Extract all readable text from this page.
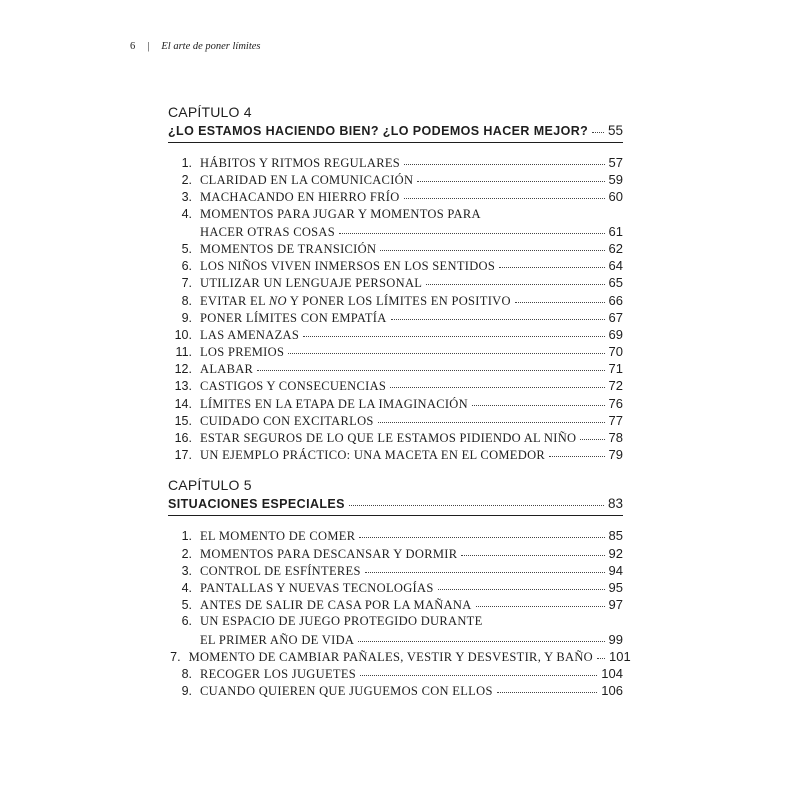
6 | El arte de poner límites
CAPÍTULO 4
¿LO ESTAMOS HACIENDO BIEN? ¿LO PODEMOS HACER MEJOR? 55
1. HÁBITOS Y RITMOS REGULARES	57
2. CLARIDAD EN LA COMUNICACIÓN	59
3. MACHACANDO EN HIERRO FRÍO	60
4. MOMENTOS PARA JUGAR Y MOMENTOS PARA
HACER OTRAS COSAS	61
5. MOMENTOS DE TRANSICIÓN	62
6. LOS NIÑOS VIVEN INMERSOS EN LOS SENTIDOS	64
7. UTILIZAR UN LENGUAJE PERSONAL	65
8. EVITAR EL NO Y PONER LOS LÍMITES EN POSITIVO	66
9. PONER LÍMITES CON EMPATÍA	67
10. LAS AMENAZAS	69
11. LOS PREMIOS	70
12. ALABAR	71
13. CASTIGOS Y CONSECUENCIAS	72
14. LÍMITES EN LA ETAPA DE LA IMAGINACIÓN	76
15. CUIDADO CON EXCITARLOS	77
16. ESTAR SEGUROS DE LO QUE LE ESTAMOS PIDIENDO AL NIÑO 78
17. UN EJEMPLO PRÁCTICO: UNA MACETA EN EL COMEDOR	79
CAPÍTULO 5
SITUACIONES ESPECIALES	83
1. EL MOMENTO DE COMER	85
2. MOMENTOS PARA DESCANSAR Y DORMIR	92
3. CONTROL DE ESFÍNTERES	94
4. PANTALLAS Y NUEVAS TECNOLOGÍAS	95
5. ANTES DE SALIR DE CASA POR LA MAÑANA	97
6. UN ESPACIO DE JUEGO PROTEGIDO DURANTE
EL PRIMER AÑO DE VIDA	99
7. MOMENTO DE CAMBIAR PAÑALES, VESTIR Y DESVESTIR, Y BAÑO 101
8. RECOGER LOS JUGUETES	104
9. CUANDO QUIEREN QUE JUGUEMOS CON ELLOS	106
